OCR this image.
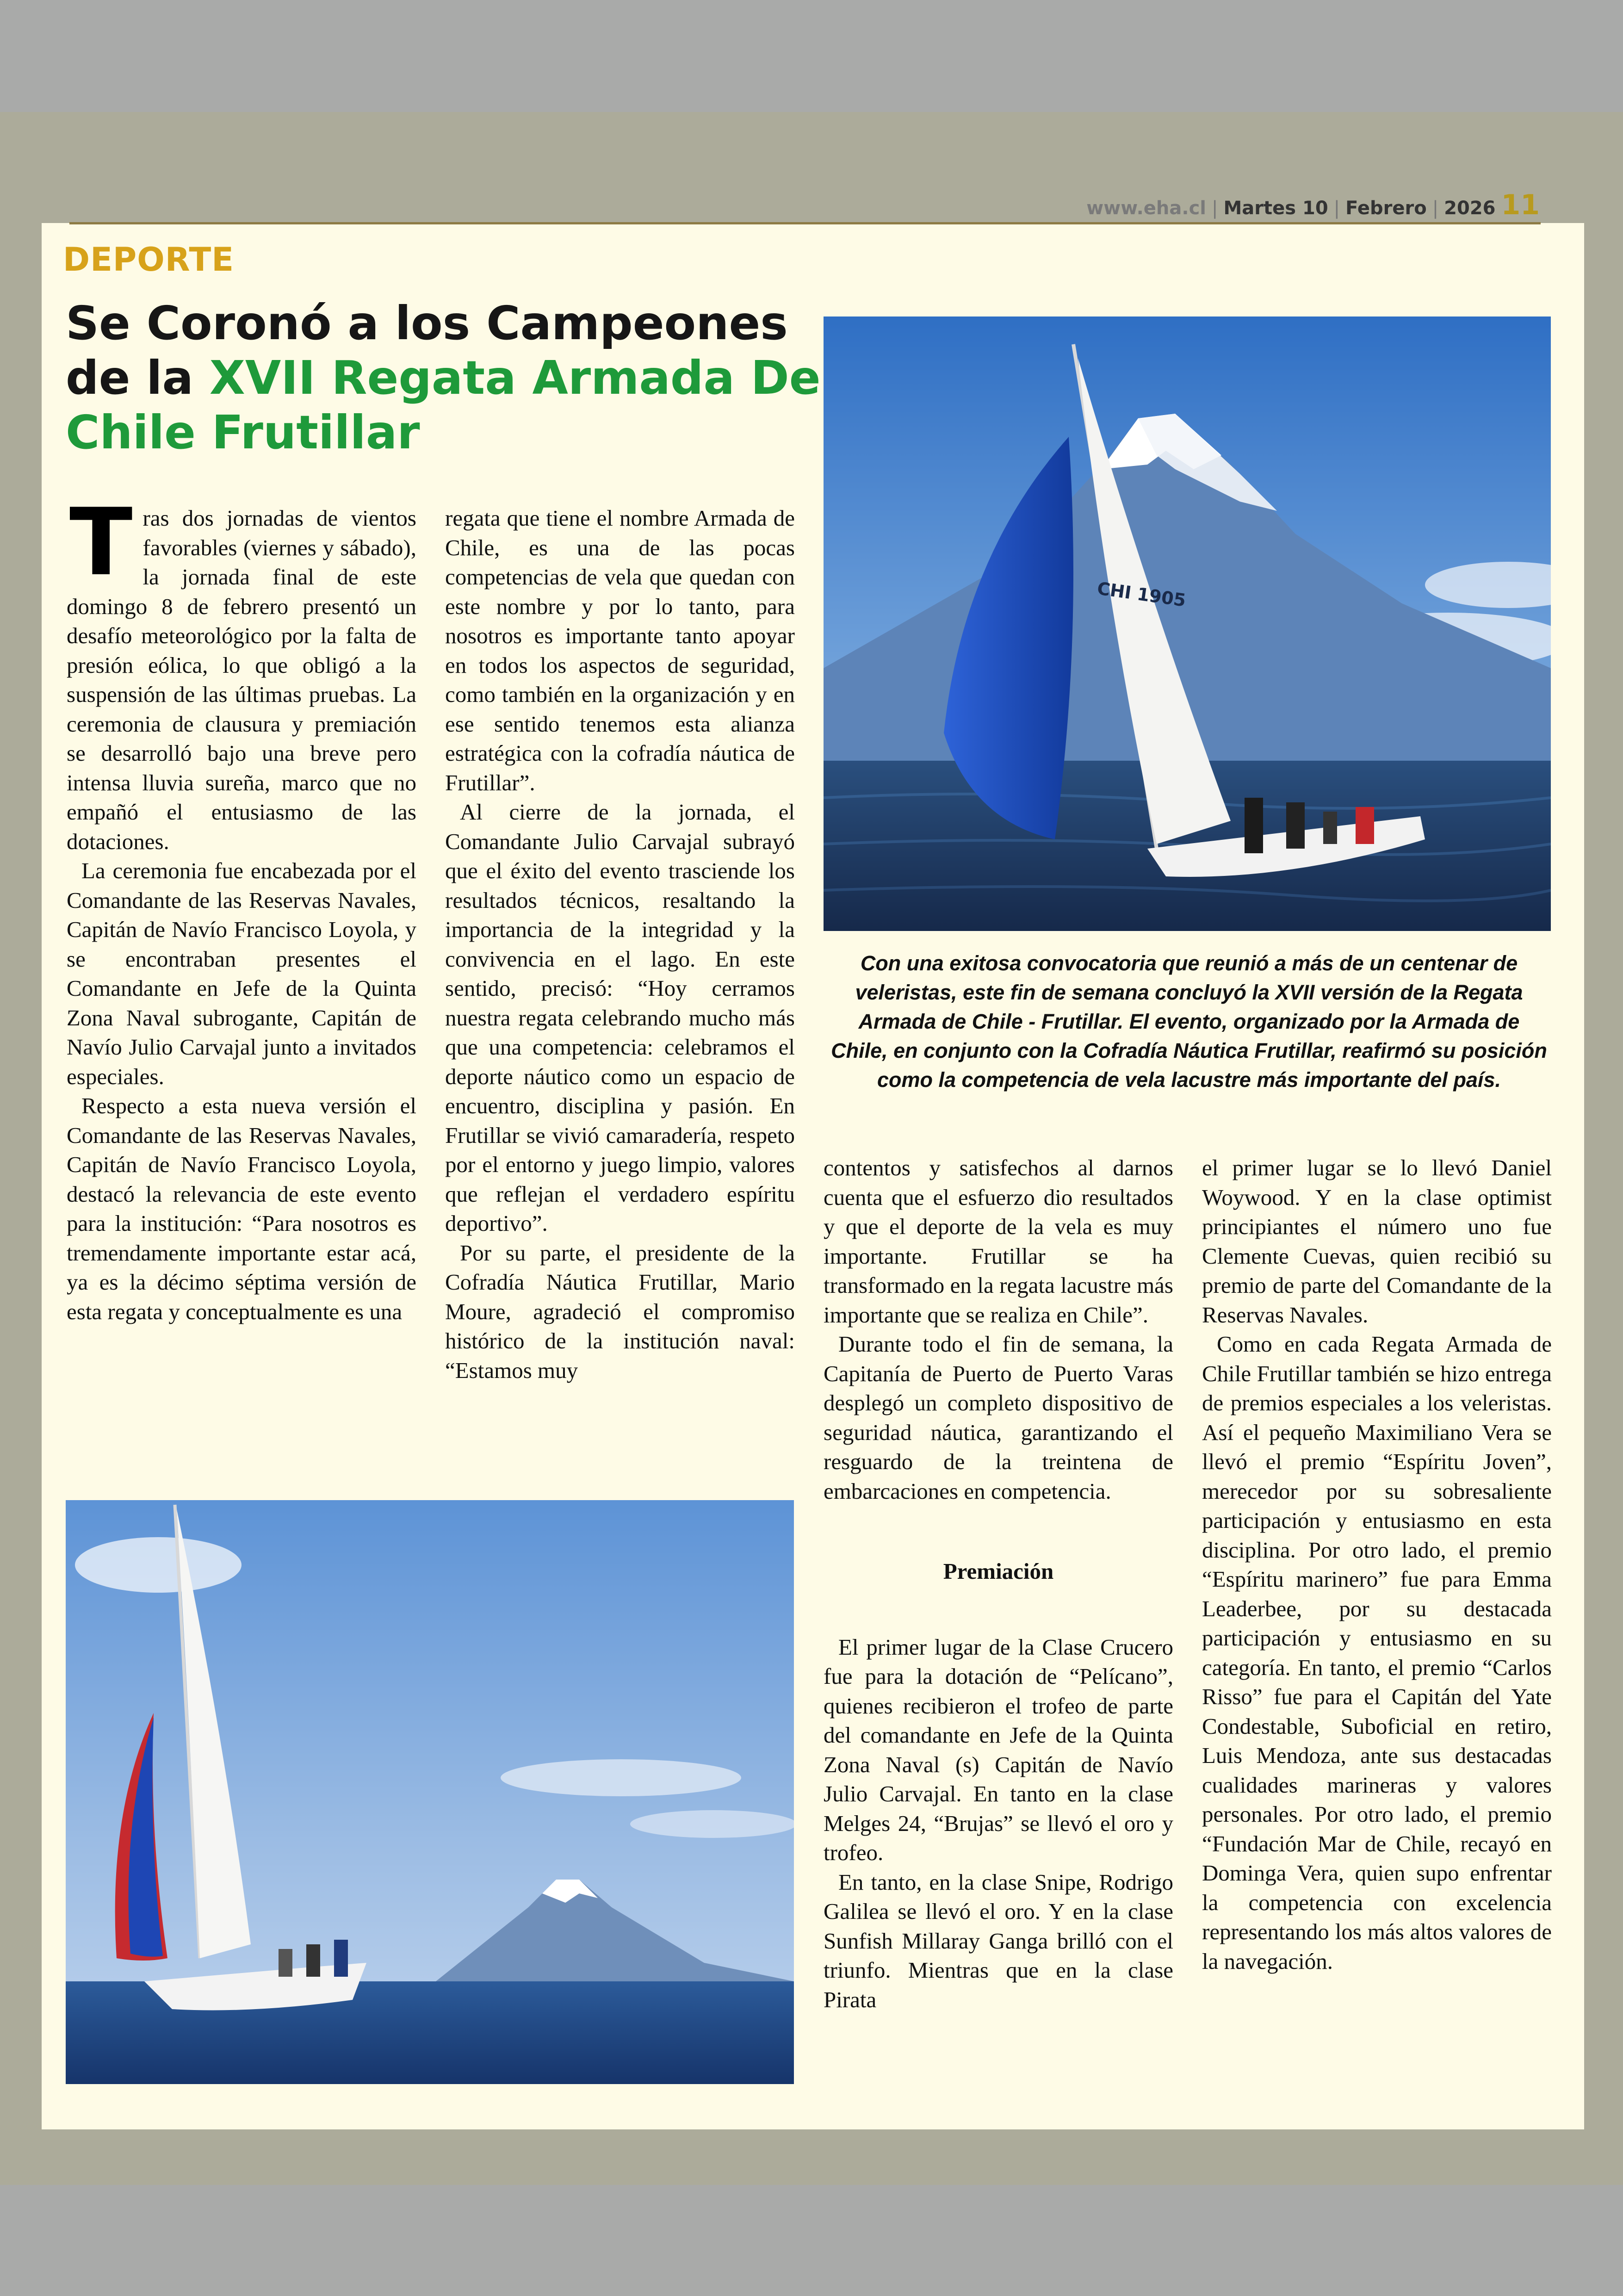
www.eha.cl | Martes 10 | Febrero | 2026 11
DEPORTE
Se Coronó a los Campeones de la XVII Regata Armada De Chile Frutillar

Tras dos jornadas de vientos favorables (viernes y sábado), la jornada final de este domingo 8 de febrero presentó un desafío meteorológico por la falta de presión eólica, lo que obligó a la suspensión de las últimas pruebas. La ceremonia de clausura y premiación se desarrolló bajo una breve pero intensa lluvia sureña, marco que no empañó el entusiasmo de las dotaciones.

La ceremonia fue encabezada por el Comandante de las Reservas Navales, Capitán de Navío Francisco Loyola, y se encontraban presentes el Comandante en Jefe de la Quinta Zona Naval subrogante, Capitán de Navío Julio Carvajal junto a invitados especiales.

Respecto a esta nueva versión el Comandante de las Reservas Navales, Capitán de Navío Francisco Loyola, destacó la relevancia de este evento para la institución: “Para nosotros es tremendamente importante estar acá, ya es la décimo séptima versión de esta regata y conceptualmente es una

regata que tiene el nombre Armada de Chile, es una de las pocas competencias de vela que quedan con este nombre y por lo tanto, para nosotros es importante tanto apoyar en todos los aspectos de seguridad, como también en la organización y en ese sentido tenemos esta alianza estratégica con la cofradía náutica de Frutillar”.

Al cierre de la jornada, el Comandante Julio Carvajal subrayó que el éxito del evento trasciende los resultados técnicos, resaltando la importancia de la integridad y la convivencia en el lago. En este sentido, precisó: “Hoy cerramos nuestra regata celebrando mucho más que una competencia: celebramos el deporte náutico como un espacio de encuentro, disciplina y pasión. En Frutillar se vivió camaradería, respeto por el entorno y juego limpio, valores que reflejan el verdadero espíritu deportivo”.

Por su parte, el presidente de la Cofradía Náutica Frutillar, Mario Moure, agradeció el compromiso histórico de la institución naval: “Estamos muy

CHI 1905
Con una exitosa convocatoria que reunió a más de un centenar de veleristas, este fin de semana concluyó la XVII versión de la Regata Armada de Chile - Frutillar. El evento, organizado por la Armada de Chile, en conjunto con la Cofradía Náutica Frutillar, reafirmó su posición como la competencia de vela lacustre más importante del país.

contentos y satisfechos al darnos cuenta que el esfuerzo dio resultados y que el deporte de la vela es muy importante. Frutillar se ha transformado en la regata lacustre más importante que se realiza en Chile”.

Durante todo el fin de semana, la Capitanía de Puerto de Puerto Varas desplegó un completo dispositivo de seguridad náutica, garantizando el resguardo de la treintena de embarcaciones en competencia.

Premiación

El primer lugar de la Clase Crucero fue para la dotación de “Pelícano”, quienes recibieron el trofeo de parte del comandante en Jefe de la Quinta Zona Naval (s) Capitán de Navío Julio Carvajal. En tanto en la clase Melges 24, “Brujas” se llevó el oro y trofeo.

En tanto, en la clase Snipe, Rodrigo Galilea se llevó el oro. Y en la clase Sunfish Millaray Ganga brilló con el triunfo. Mientras que en la clase Pirata

el primer lugar se lo llevó Daniel Woywood. Y en la clase optimist principiantes el número uno fue Clemente Cuevas, quien recibió su premio de parte del Comandante de la Reservas Navales.

Como en cada Regata Armada de Chile Frutillar también se hizo entrega de premios especiales a los veleristas. Así el pequeño Maximiliano Vera se llevó el premio “Espíritu Joven”, merecedor por su sobresaliente participación y entusiasmo en esta disciplina. Por otro lado, el premio “Espíritu marinero” fue para Emma Leaderbee, por su destacada participación y entusiasmo en su categoría. En tanto, el premio “Carlos Risso” fue para el Capitán del Yate Condestable, Suboficial en retiro, Luis Mendoza, ante sus destacadas cualidades marineras y valores personales. Por otro lado, el premio “Fundación Mar de Chile, recayó en Dominga Vera, quien supo enfrentar la competencia con excelencia representando los más altos valores de la navegación.
